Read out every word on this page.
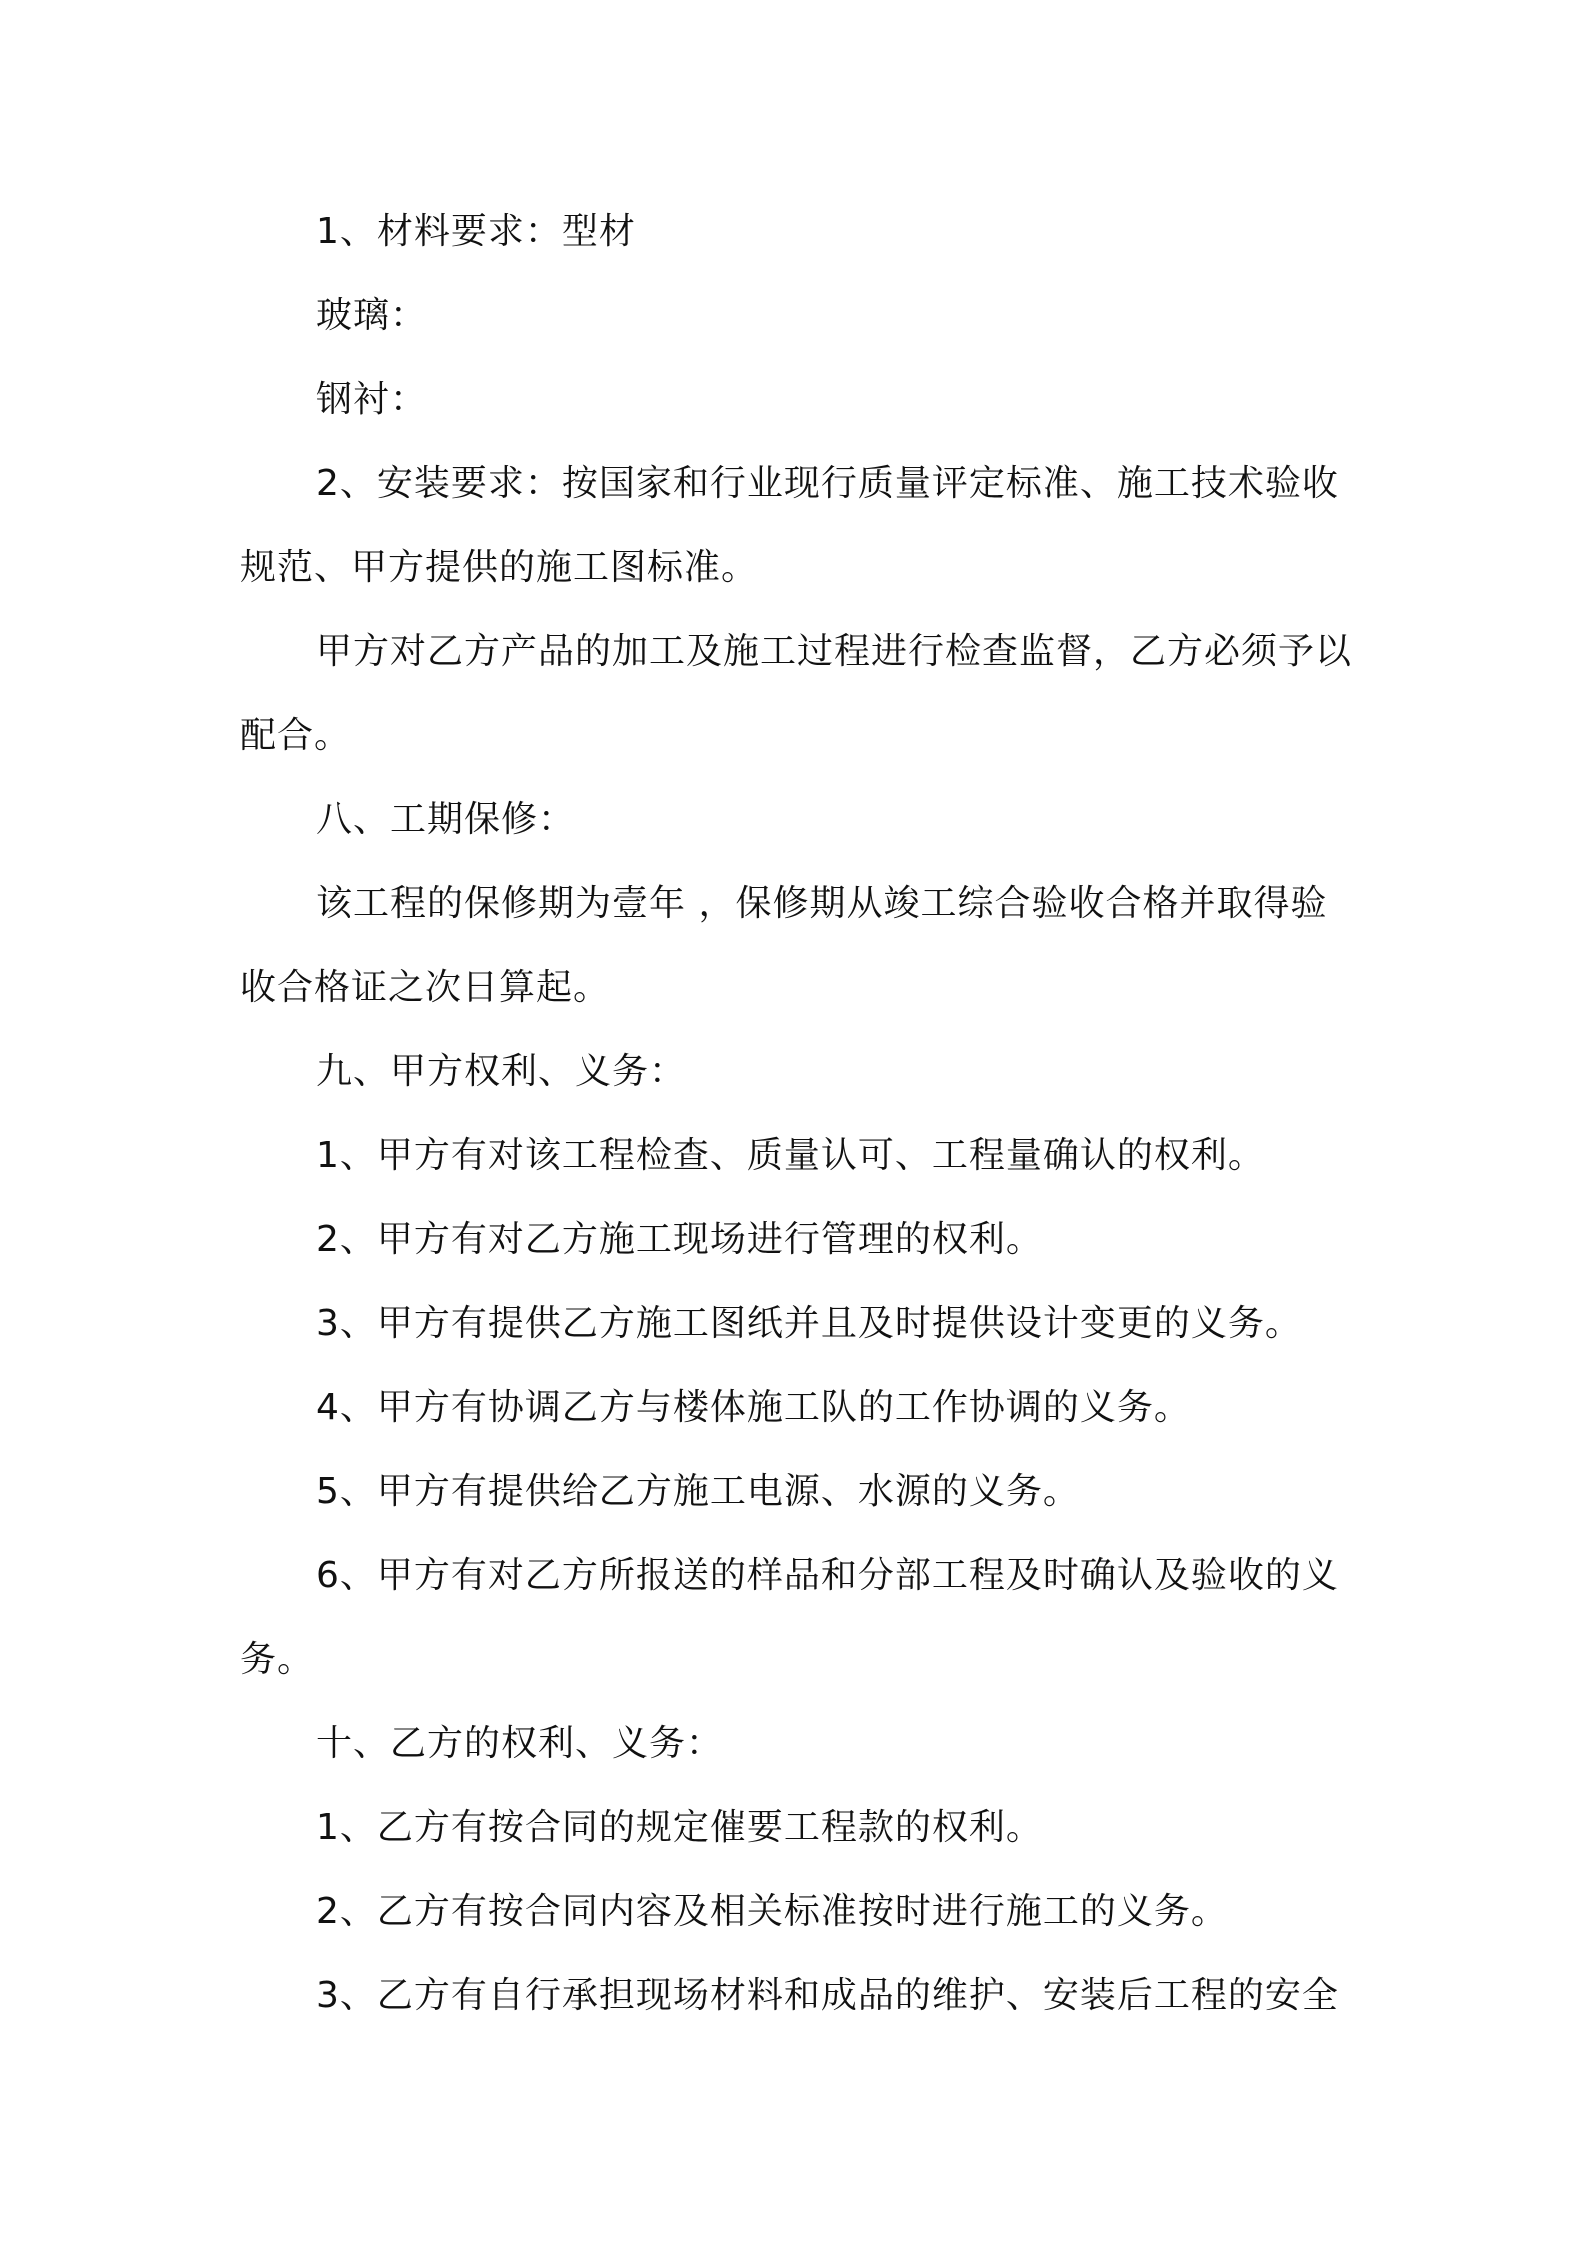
1、材料要求：型材

玻璃：

钢衬：

2、安装要求：按国家和行业现行质量评定标准、施工技术验收规范、甲方提供的施工图标准。

甲方对乙方产品的加工及施工过程进行检查监督，乙方必须予以配合。

八、工期保修：

该工程的保修期为壹年 ，保修期从竣工综合验收合格并取得验收合格证之次日算起。

九、甲方权利、义务：

1、甲方有对该工程检查、质量认可、工程量确认的权利。

2、甲方有对乙方施工现场进行管理的权利。

3、甲方有提供乙方施工图纸并且及时提供设计变更的义务。

4、甲方有协调乙方与楼体施工队的工作协调的义务。

5、甲方有提供给乙方施工电源、水源的义务。

6、甲方有对乙方所报送的样品和分部工程及时确认及验收的义务。

十、乙方的权利、义务：

1、乙方有按合同的规定催要工程款的权利。

2、乙方有按合同内容及相关标准按时进行施工的义务。

3、乙方有自行承担现场材料和成品的维护、安装后工程的安全
